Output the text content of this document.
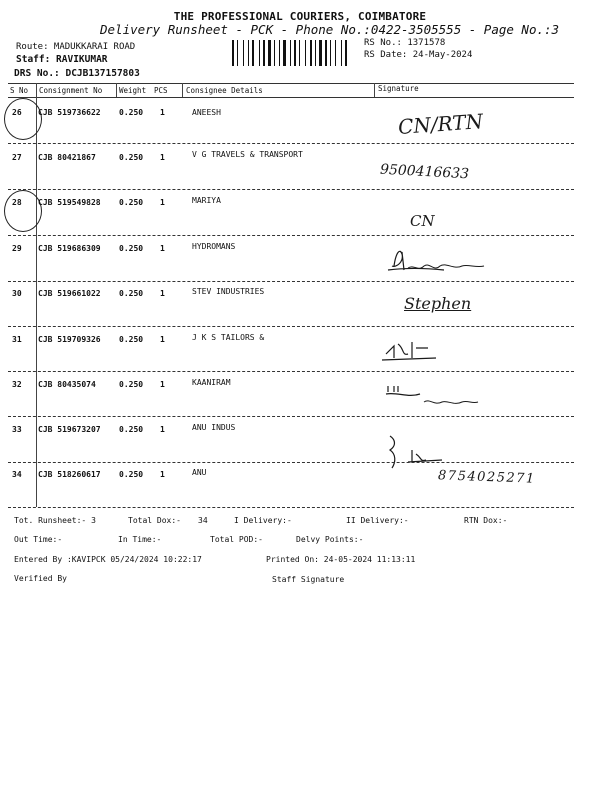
THE PROFESSIONAL COURIERS, COIMBATORE
Delivery Runsheet - PCK - Phone No.:0422-3505555 - Page No.:3
Route: MADUKKARAI ROAD
Staff: RAVIKUMAR
DRS No.: DCJB137157803
RS No.: 1371578
RS Date: 24-May-2024
S No Consignment No Weight PCS Consignee Details	Signature
26 CJB 519736622 0.250 1	ANEESH	CN/RTN
27 CJB 80421867	0.250 1	V G TRAVELS & TRANSPORT
9500416633
28 CJB 519549828 0.250 1	MARIYA
CN
29 CJB 519686309 0.250 1	HYDROMANS
30 CJB 519661022 0.250 1	STEV INDUSTRIES
Stephen
31 CJB 519709326 0.250 1	J K S TAILORS &
32 CJB 80435074	0.250 1	KAANIRAM
33 CJB 519673207 0.250 1	ANU INDUS
34 CJB 518260617 0.250 1	ANU	8754025271
Tot. Runsheet:- 3	Total Dox:- 34	I Delivery:-	II Delivery:-	RTN Dox:-
Out Time:-	In Time:-	Total POD:-	Delvy Points:-
Entered By :KAVIPCK 05/24/2024 10:22:17	Printed On: 24-05-2024 11:13:11
Verified By	Staff Signature
